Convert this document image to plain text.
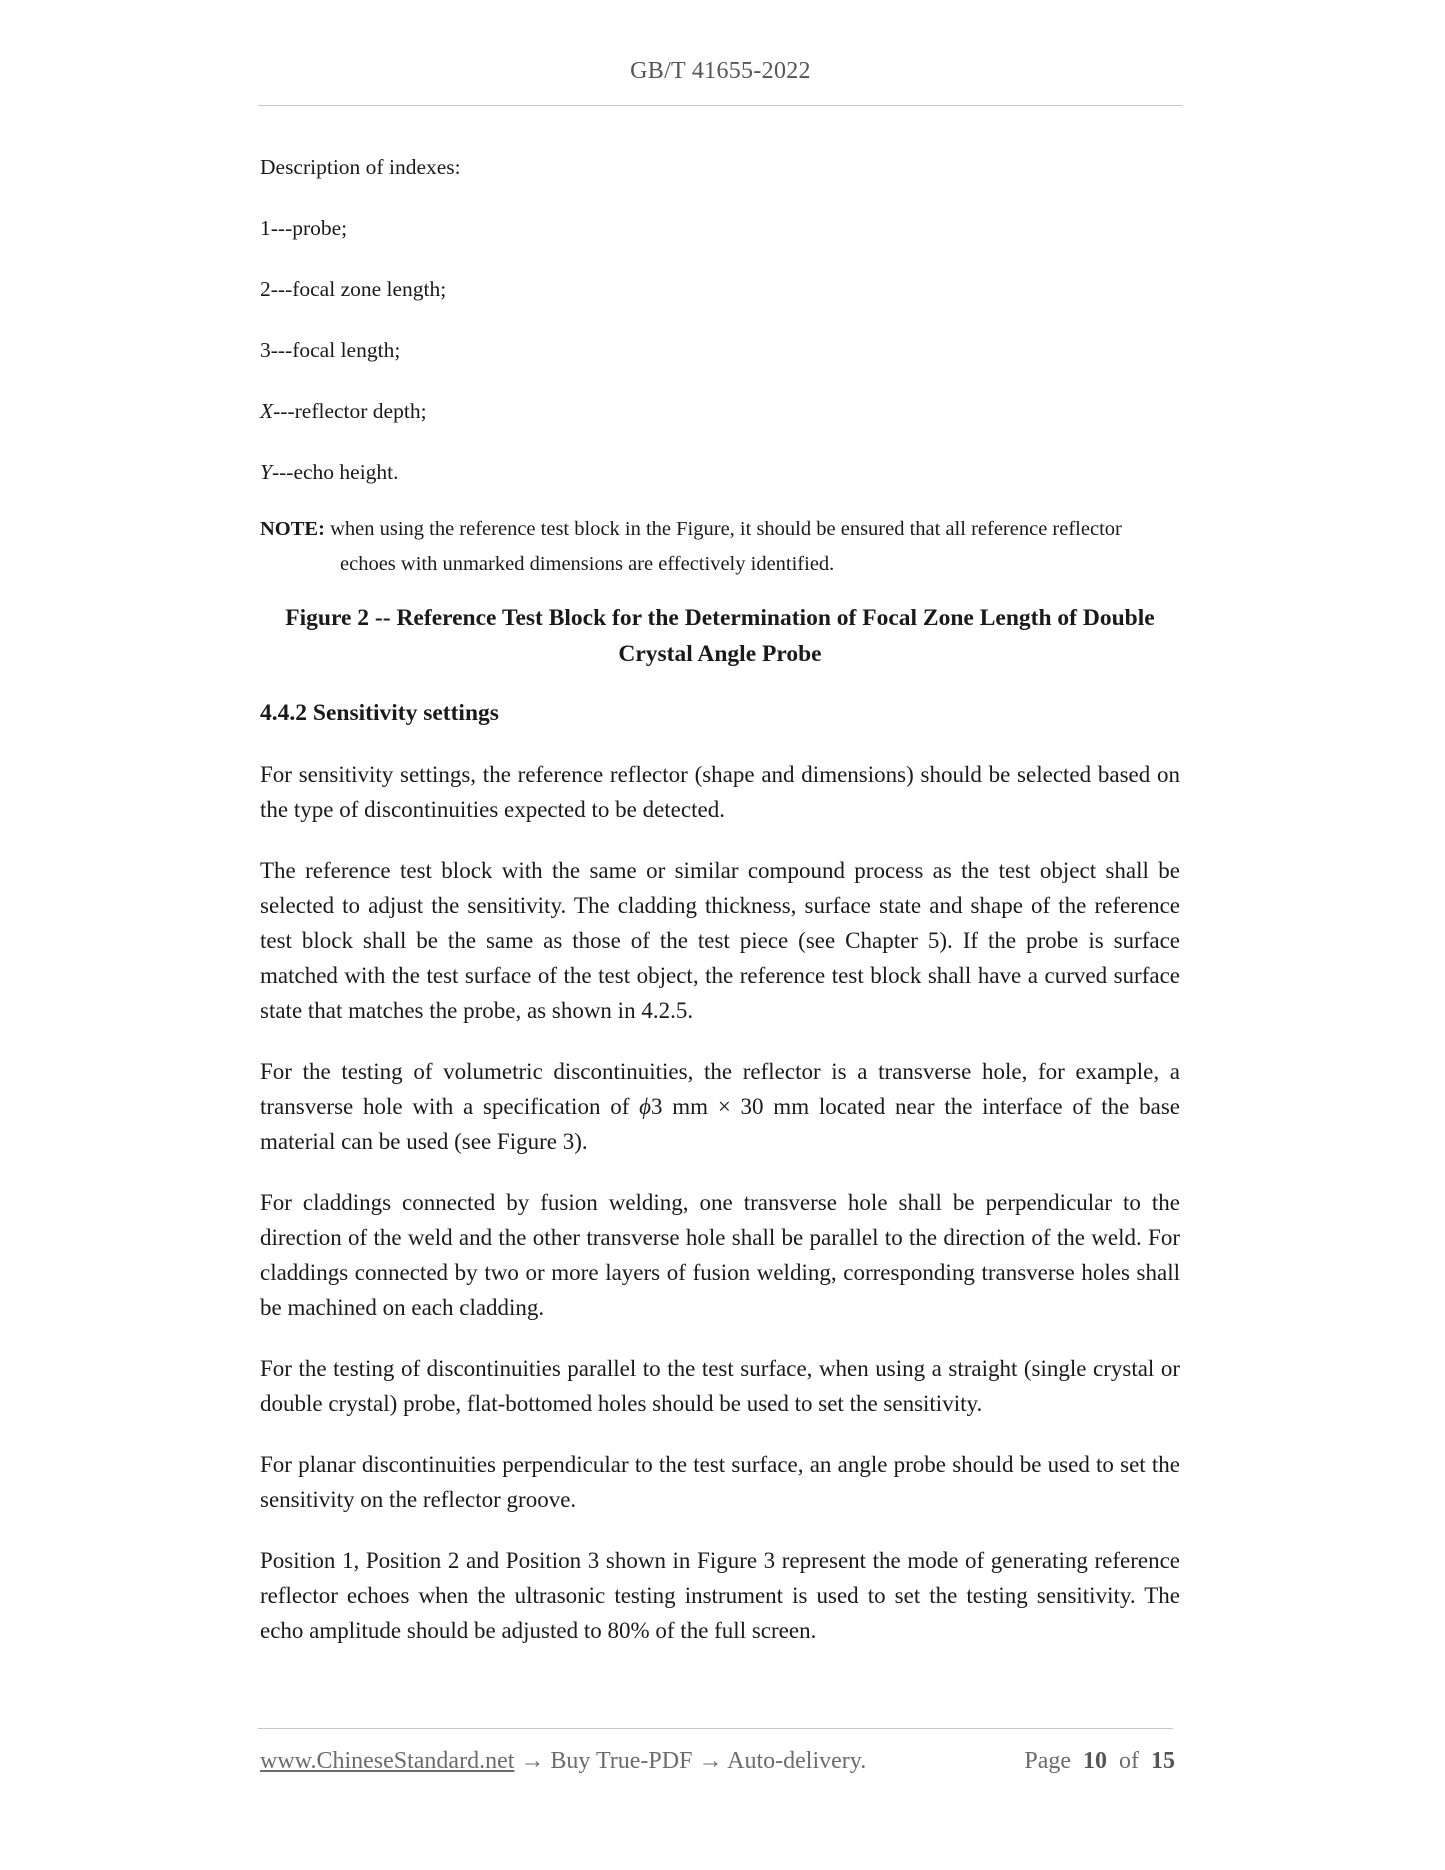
GB/T 41655-2022
Description of indexes:
1---probe;
2---focal zone length;
3---focal length;
X---reflector depth;
Y---echo height.
NOTE: when using the reference test block in the Figure, it should be ensured that all reference reflector echoes with unmarked dimensions are effectively identified.
Figure 2 -- Reference Test Block for the Determination of Focal Zone Length of Double Crystal Angle Probe
4.4.2 Sensitivity settings

For sensitivity settings, the reference reflector (shape and dimensions) should be selected based on the type of discontinuities expected to be detected.

The reference test block with the same or similar compound process as the test object shall be selected to adjust the sensitivity. The cladding thickness, surface state and shape of the reference test block shall be the same as those of the test piece (see Chapter 5). If the probe is surface matched with the test surface of the test object, the reference test block shall have a curved surface state that matches the probe, as shown in 4.2.5.

For the testing of volumetric discontinuities, the reflector is a transverse hole, for example, a transverse hole with a specification of ϕ3 mm × 30 mm located near the interface of the base material can be used (see Figure 3).

For claddings connected by fusion welding, one transverse hole shall be perpendicular to the direction of the weld and the other transverse hole shall be parallel to the direction of the weld. For claddings connected by two or more layers of fusion welding, corresponding transverse holes shall be machined on each cladding.

For the testing of discontinuities parallel to the test surface, when using a straight (single crystal or double crystal) probe, flat-bottomed holes should be used to set the sensitivity.

For planar discontinuities perpendicular to the test surface, an angle probe should be used to set the sensitivity on the reflector groove.

Position 1, Position 2 and Position 3 shown in Figure 3 represent the mode of generating reference reflector echoes when the ultrasonic testing instrument is used to set the testing sensitivity. The echo amplitude should be adjusted to 80% of the full screen.

www.ChineseStandard.net → Buy True-PDF → Auto-delivery.	Page 10 of 15
